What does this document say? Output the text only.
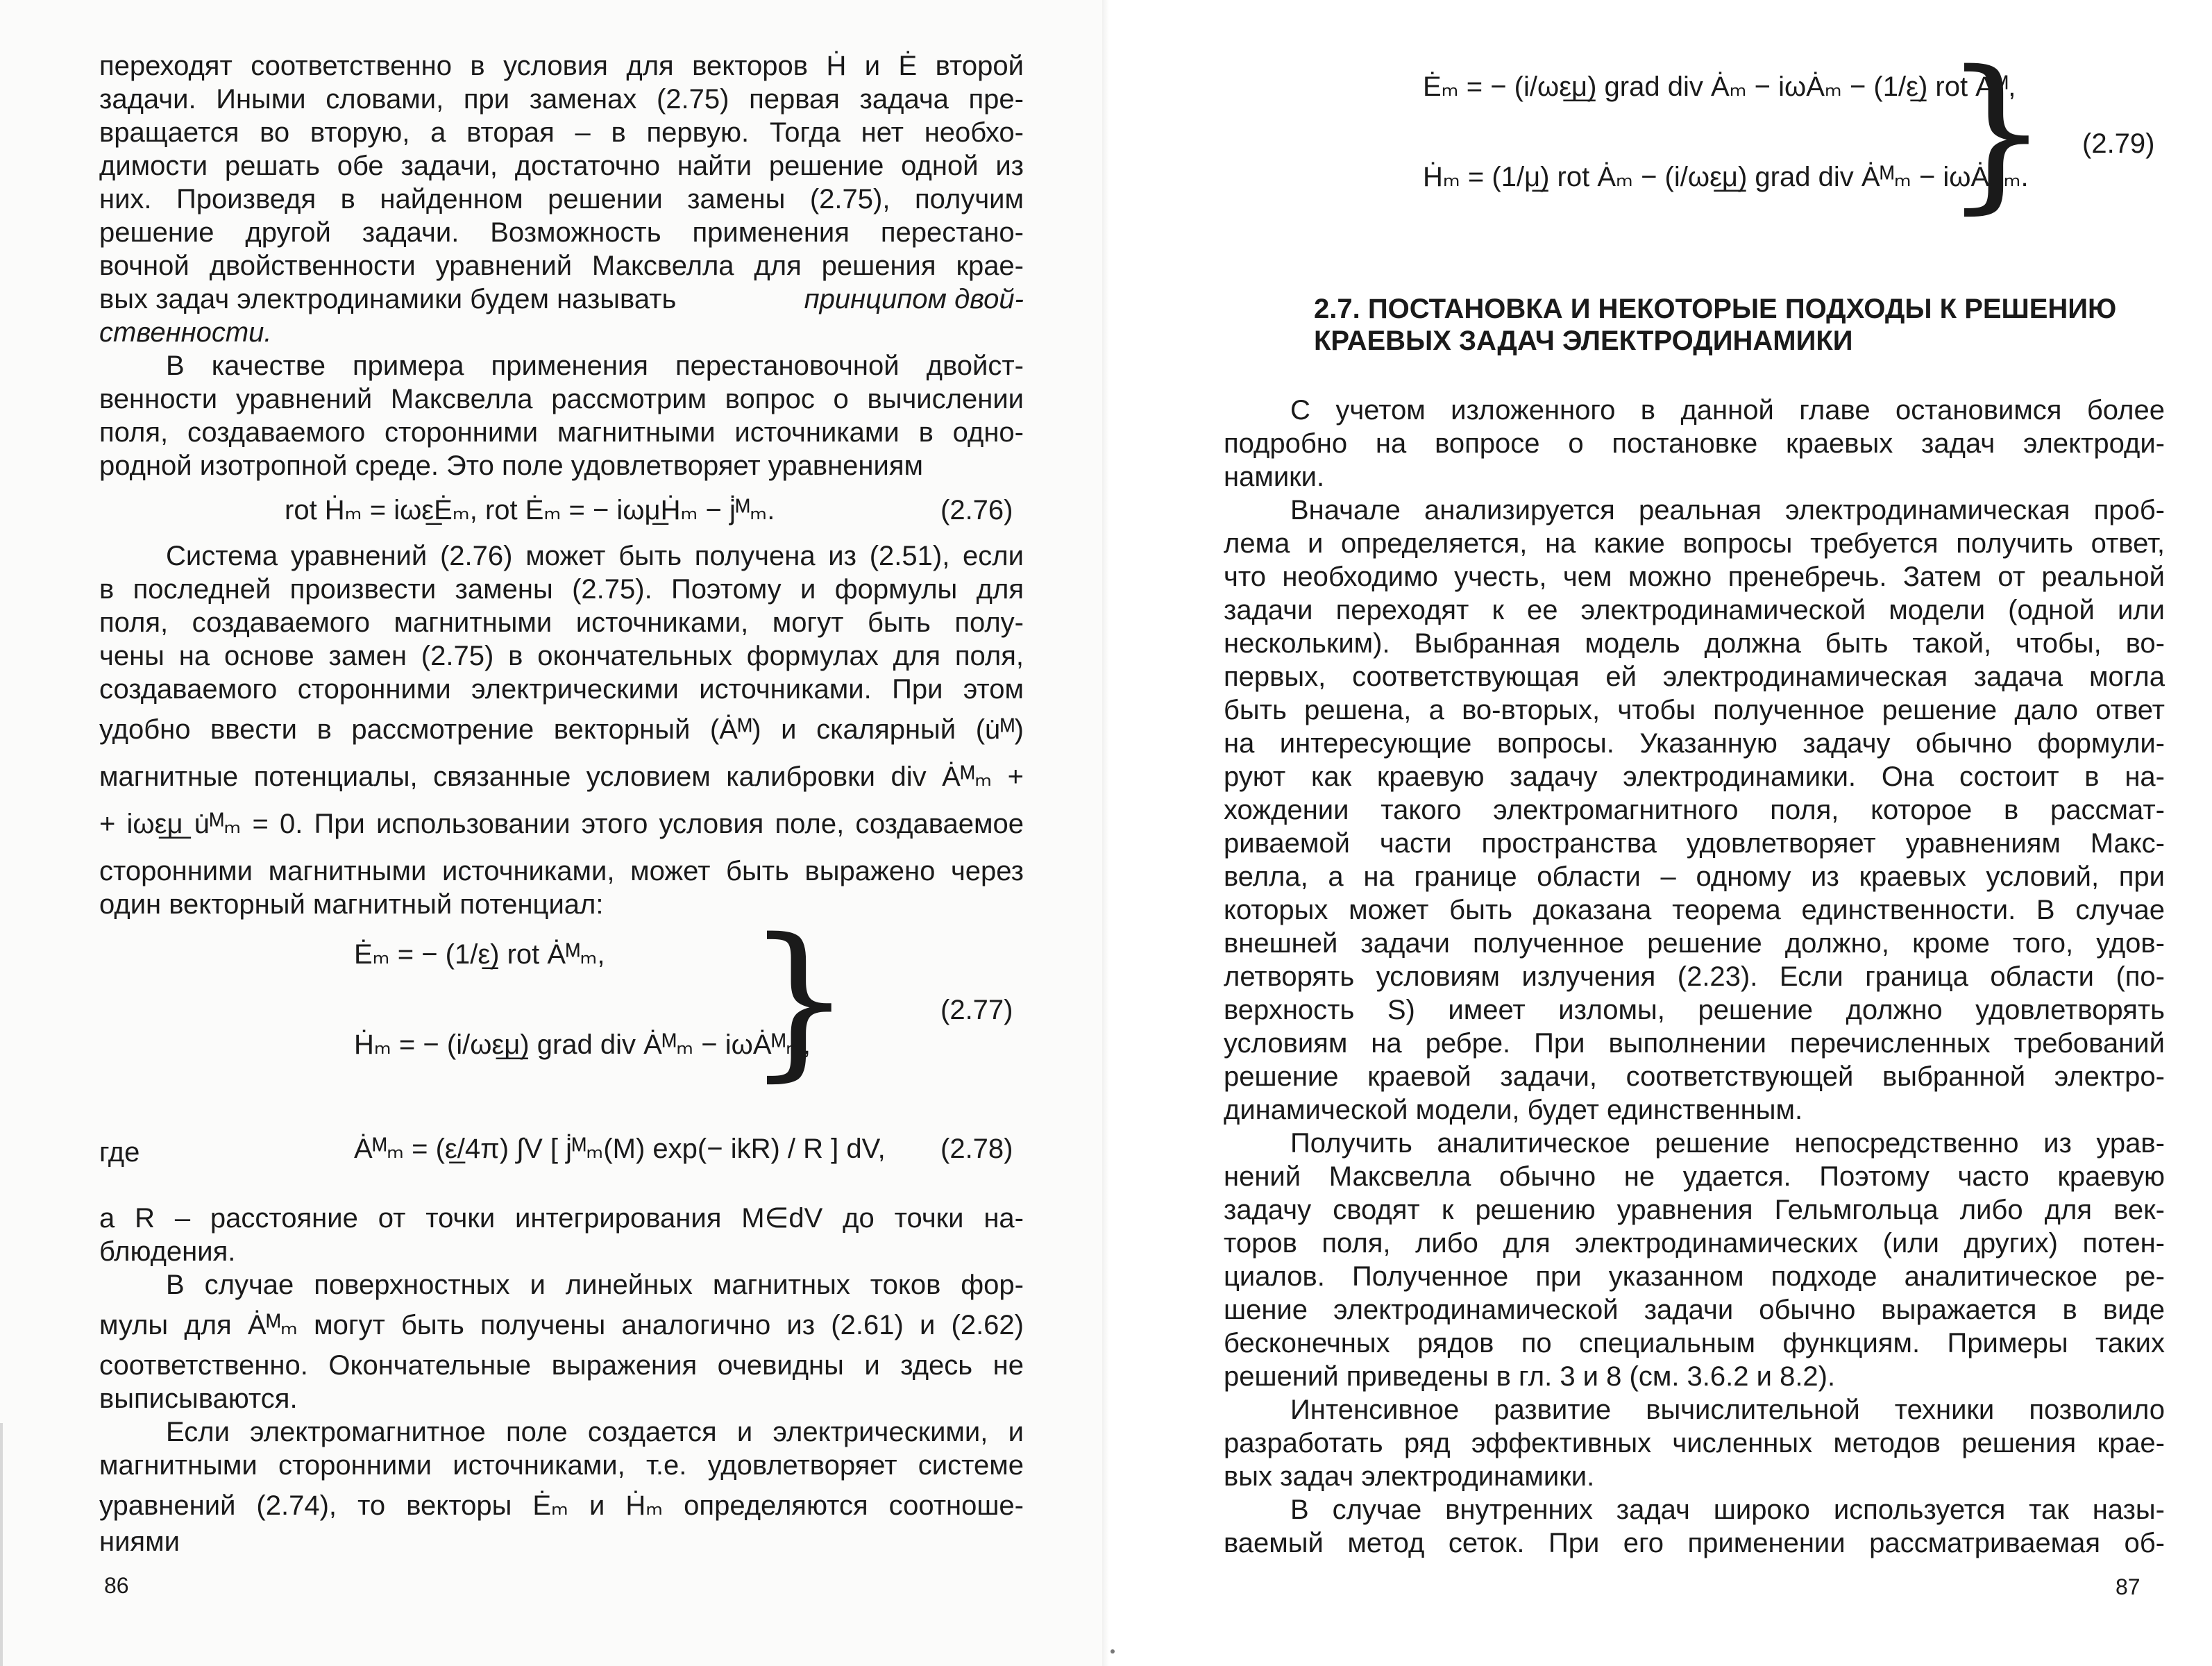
переходят соответственно в условия для векторов Ḣ и Ė второй
задачи. Иными словами, при заменах (2.75) первая задача пре-
вращается во вторую, а вторая – в первую. Тогда нет необхо-
димости решать обе задачи, достаточно найти решение одной из
них. Произведя в найденном решении замены (2.75), получим
решение другой задачи. Возможность применения перестано-
вочной двойственности уравнений Максвелла для решения крае-
вых задач электродинамики будем называть	принципом двой-
ственности.
В качестве примера применения перестановочной двойст-
венности уравнений Максвелла рассмотрим вопрос о вычислении
поля, создаваемого сторонними магнитными источниками в одно-
родной изотропной среде. Это поле удовлетворяет уравнениям
rot Ḣₘ = iωε̲Ėₘ, rot Ėₘ = − iωμ̲Ḣₘ − j̇ᴹₘ.	(2.76)
Система уравнений (2.76) может быть получена из (2.51), если
в последней произвести замены (2.75). Поэтому и формулы для
поля, создаваемого магнитными источниками, могут быть полу-
чены на основе замен (2.75) в окончательных формулах для поля,
создаваемого сторонними электрическими источниками. При этом
удобно ввести в рассмотрение векторный (Ȧᴹ) и скалярный (u̇ᴹ)
магнитные потенциалы, связанные условием калибровки div Ȧᴹₘ +
+ iωε̲μ̲ u̇ᴹₘ = 0. При использовании этого условия поле, создаваемое
сторонними магнитными источниками, может быть выражено через
один векторный магнитный потенциал:
Ėₘ = − (1/ε̲) rot Ȧᴹₘ,
Ḣₘ = − (i/ωε̲μ̲) grad div Ȧᴹₘ − iωȦᴹₘ,
}	(2.77)
где	Ȧᴹₘ = (ε̲/4π) ∫V [ j̇ᴹₘ(M) exp(− ikR) / R ] dV, (2.78)
а R – расстояние от точки интегрирования M∈dV до точки на-
блюдения.
В случае поверхностных и линейных магнитных токов фор-
мулы для Ȧᴹₘ могут быть получены аналогично из (2.61) и (2.62)
соответственно. Окончательные выражения очевидны и здесь не
выписываются.
Если электромагнитное поле создается и электрическими, и
магнитными сторонними источниками, т.е. удовлетворяет системе
уравнений (2.74), то векторы Ėₘ и Ḣₘ определяются соотноше-
ниями
86
Ėₘ = − (i/ωε̲μ̲) grad div Ȧₘ − iωȦₘ − (1/ε̲) rot Ȧᴹ,
Ḣₘ = (1/μ̲) rot Ȧₘ − (i/ωε̲μ̲) grad div Ȧᴹₘ − iωȦᴹₘ.
} (2.79)
2.7. ПОСТАНОВКА И НЕКОТОРЫЕ ПОДХОДЫ К РЕШЕНИЮ
КРАЕВЫХ ЗАДАЧ ЭЛЕКТРОДИНАМИКИ
С учетом изложенного в данной главе остановимся более
подробно на вопросе о постановке краевых задач электроди-
намики.
Вначале анализируется реальная электродинамическая проб-
лема и определяется, на какие вопросы требуется получить ответ,
что необходимо учесть, чем можно пренебречь. Затем от реальной
задачи переходят к ее электродинамической модели (одной или
нескольким). Выбранная модель должна быть такой, чтобы, во-
первых, соответствующая ей электродинамическая задача могла
быть решена, а во-вторых, чтобы полученное решение дало ответ
на интересующие вопросы. Указанную задачу обычно формули-
руют как краевую задачу электродинамики. Она состоит в на-
хождении такого электромагнитного поля, которое в рассмат-
риваемой части пространства удовлетворяет уравнениям Макс-
велла, а на границе области – одному из краевых условий, при
которых может быть доказана теорема единственности. В случае
внешней задачи полученное решение должно, кроме того, удов-
летворять условиям излучения (2.23). Если граница области (по-
верхность S) имеет изломы, решение должно удовлетворять
условиям на ребре. При выполнении перечисленных требований
решение краевой задачи, соответствующей выбранной электро-
динамической модели, будет единственным.
Получить аналитическое решение непосредственно из урав-
нений Максвелла обычно не удается. Поэтому часто краевую
задачу сводят к решению уравнения Гельмгольца либо для век-
торов поля, либо для электродинамических (или других) потен-
циалов. Полученное при указанном подходе аналитическое ре-
шение электродинамической задачи обычно выражается в виде
бесконечных рядов по специальным функциям. Примеры таких
решений приведены в гл. 3 и 8 (см. 3.6.2 и 8.2).
Интенсивное развитие вычислительной техники позволило
разработать ряд эффективных численных методов решения крае-
вых задач электродинамики.
В случае внутренних задач широко используется так назы-
ваемый метод сеток. При его применении рассматриваемая об-
87
